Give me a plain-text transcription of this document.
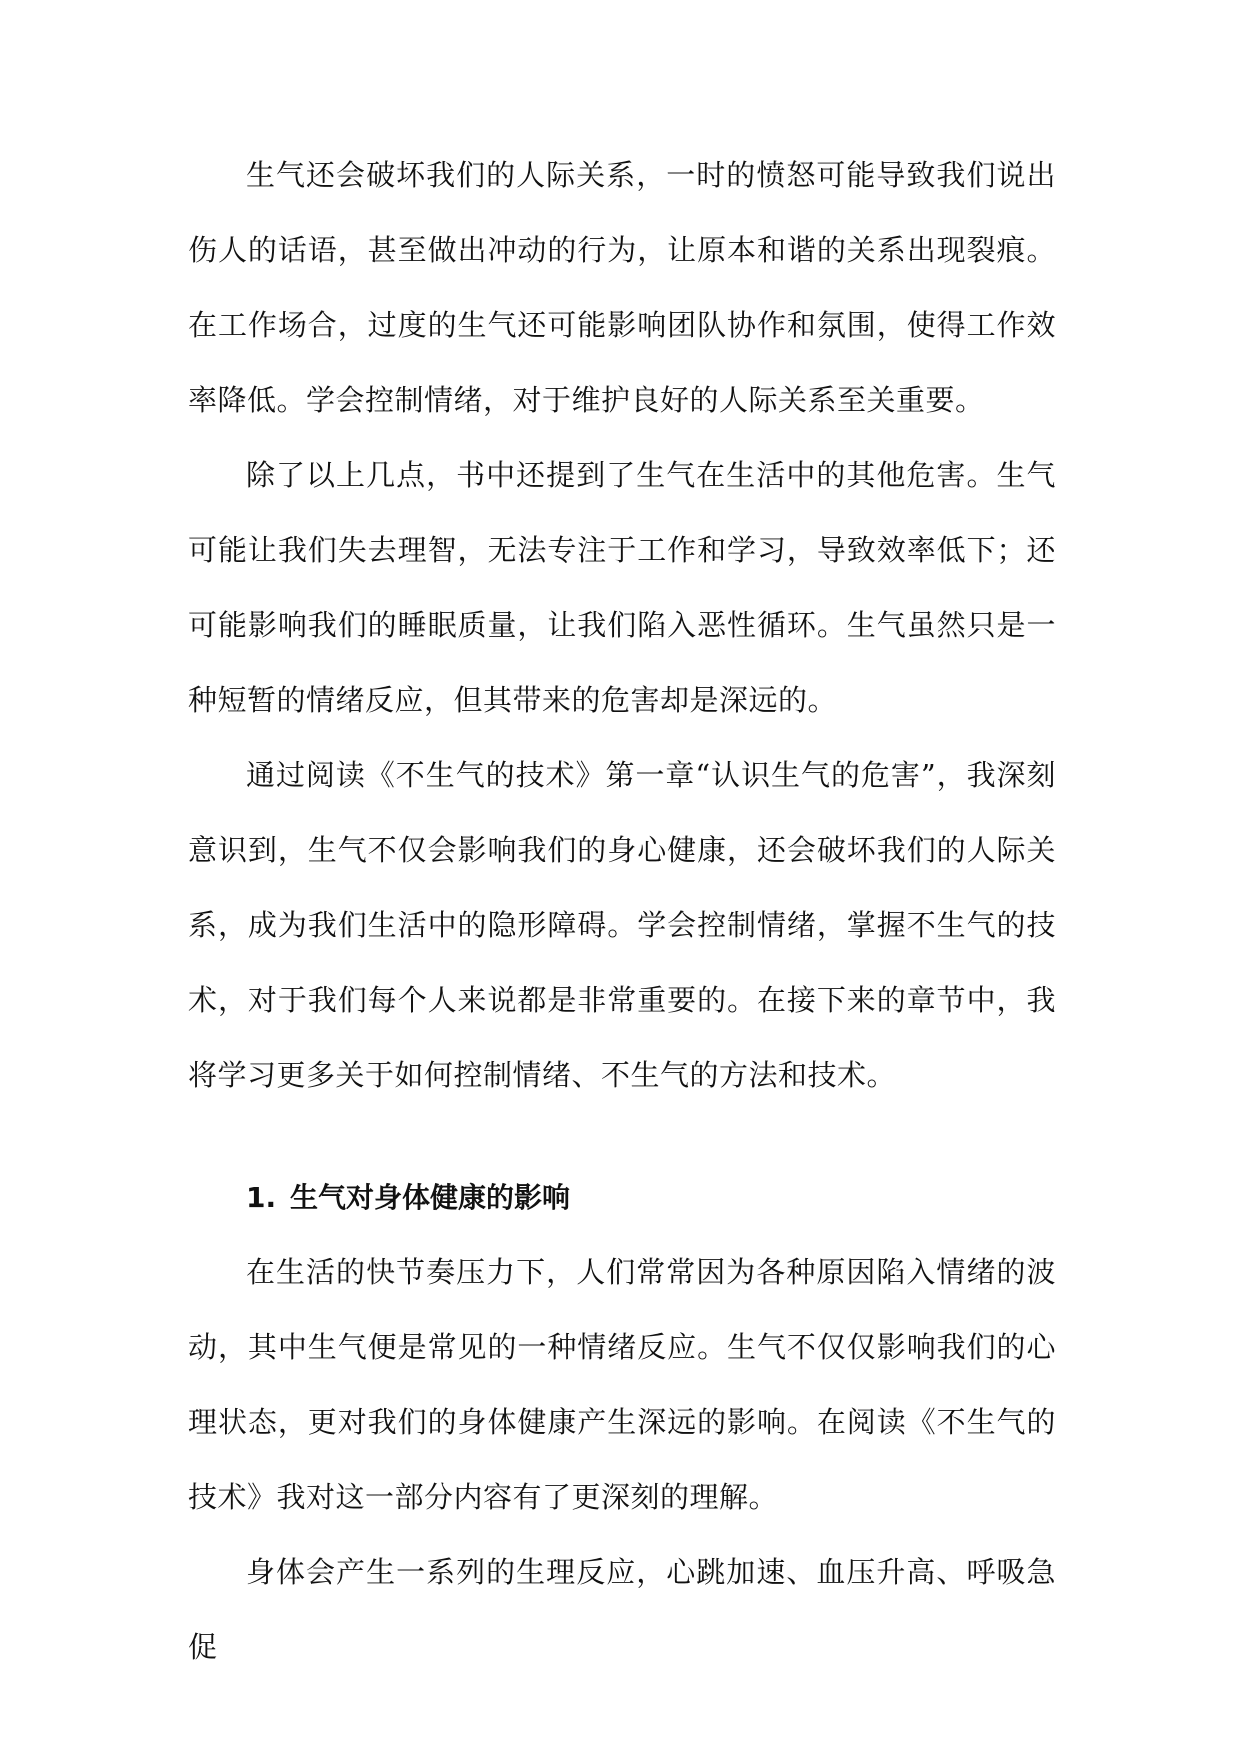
生气还会破坏我们的人际关系，一时的愤怒可能导致我们说出伤人的话语，甚至做出冲动的行为，让原本和谐的关系出现裂痕。在工作场合，过度的生气还可能影响团队协作和氛围，使得工作效率降低。学会控制情绪，对于维护良好的人际关系至关重要。

除了以上几点，书中还提到了生气在生活中的其他危害。生气可能让我们失去理智，无法专注于工作和学习，导致效率低下；还可能影响我们的睡眠质量，让我们陷入恶性循环。生气虽然只是一种短暂的情绪反应，但其带来的危害却是深远的。

通过阅读《不生气的技术》第一章“认识生气的危害”，我深刻意识到，生气不仅会影响我们的身心健康，还会破坏我们的人际关系，成为我们生活中的隐形障碍。学会控制情绪，掌握不生气的技术，对于我们每个人来说都是非常重要的。在接下来的章节中，我将学习更多关于如何控制情绪、不生气的方法和技术。

1. 生气对身体健康的影响

在生活的快节奏压力下，人们常常因为各种原因陷入情绪的波动，其中生气便是常见的一种情绪反应。生气不仅仅影响我们的心理状态，更对我们的身体健康产生深远的影响。在阅读《不生气的技术》我对这一部分内容有了更深刻的理解。

身体会产生一系列的生理反应，心跳加速、血压升高、呼吸急促
